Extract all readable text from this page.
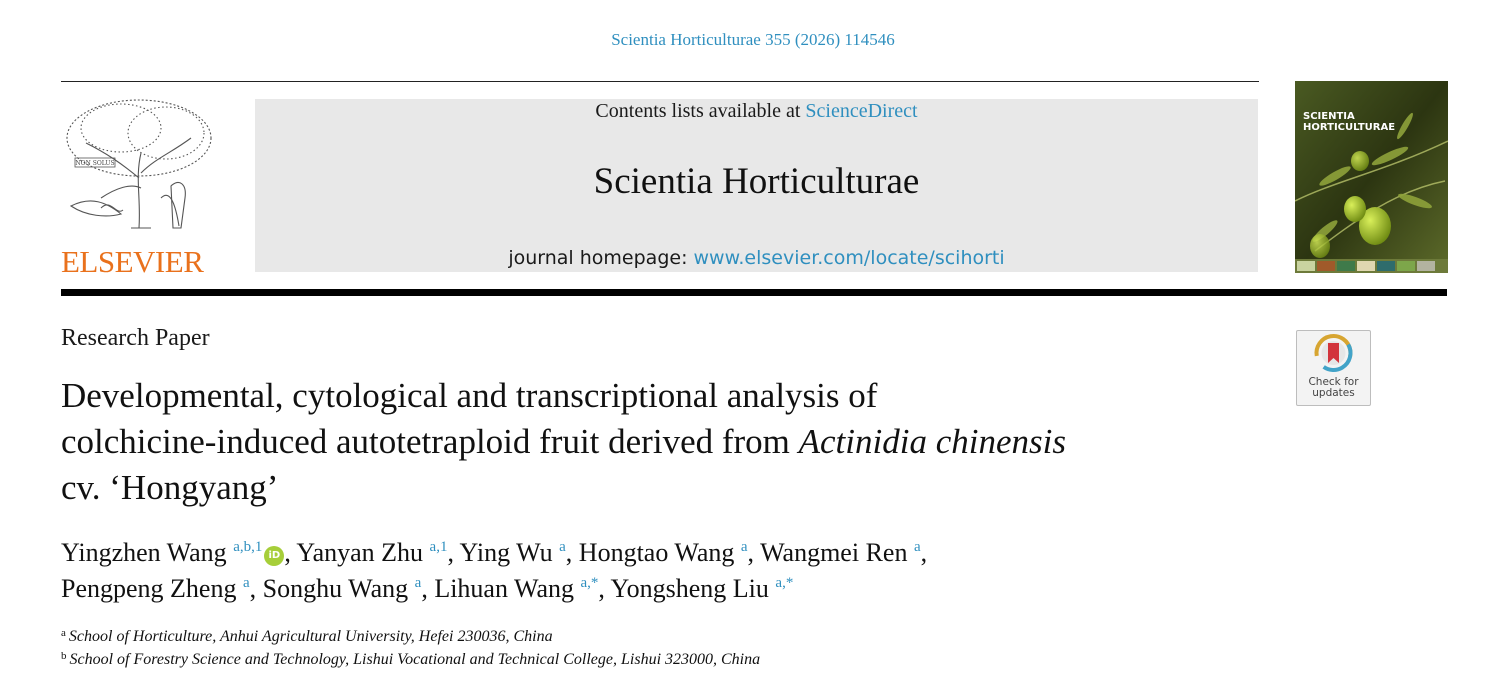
Scientia Horticulturae 355 (2026) 114546
NON SOLUS
ELSEVIER
Contents lists available at ScienceDirect
Scientia Horticulturae
journal homepage: www.elsevier.com/locate/scihorti
SCIENTIA
HORTICULTURAE
Research Paper
Developmental, cytological and transcriptional analysis of
colchicine-induced autotetraploid fruit derived from Actinidia chinensis
cv. ‘Hongyang’
Check for
updates
Yingzhen Wang $^{a,b,1}$iD , Yanyan Zhu $^{a,1}$, Ying Wu $^a$, Hongtao Wang $^a$, Wangmei Ren $^a$,
Pengpeng Zheng $^a$, Songhu Wang $^a$, Lihuan Wang $^{a,*}$, Yongsheng Liu $^{a,*}$
$^a$ School of Horticulture, Anhui Agricultural University, Hefei 230036, China
$^b$ School of Forestry Science and Technology, Lishui Vocational and Technical College, Lishui 323000, China
